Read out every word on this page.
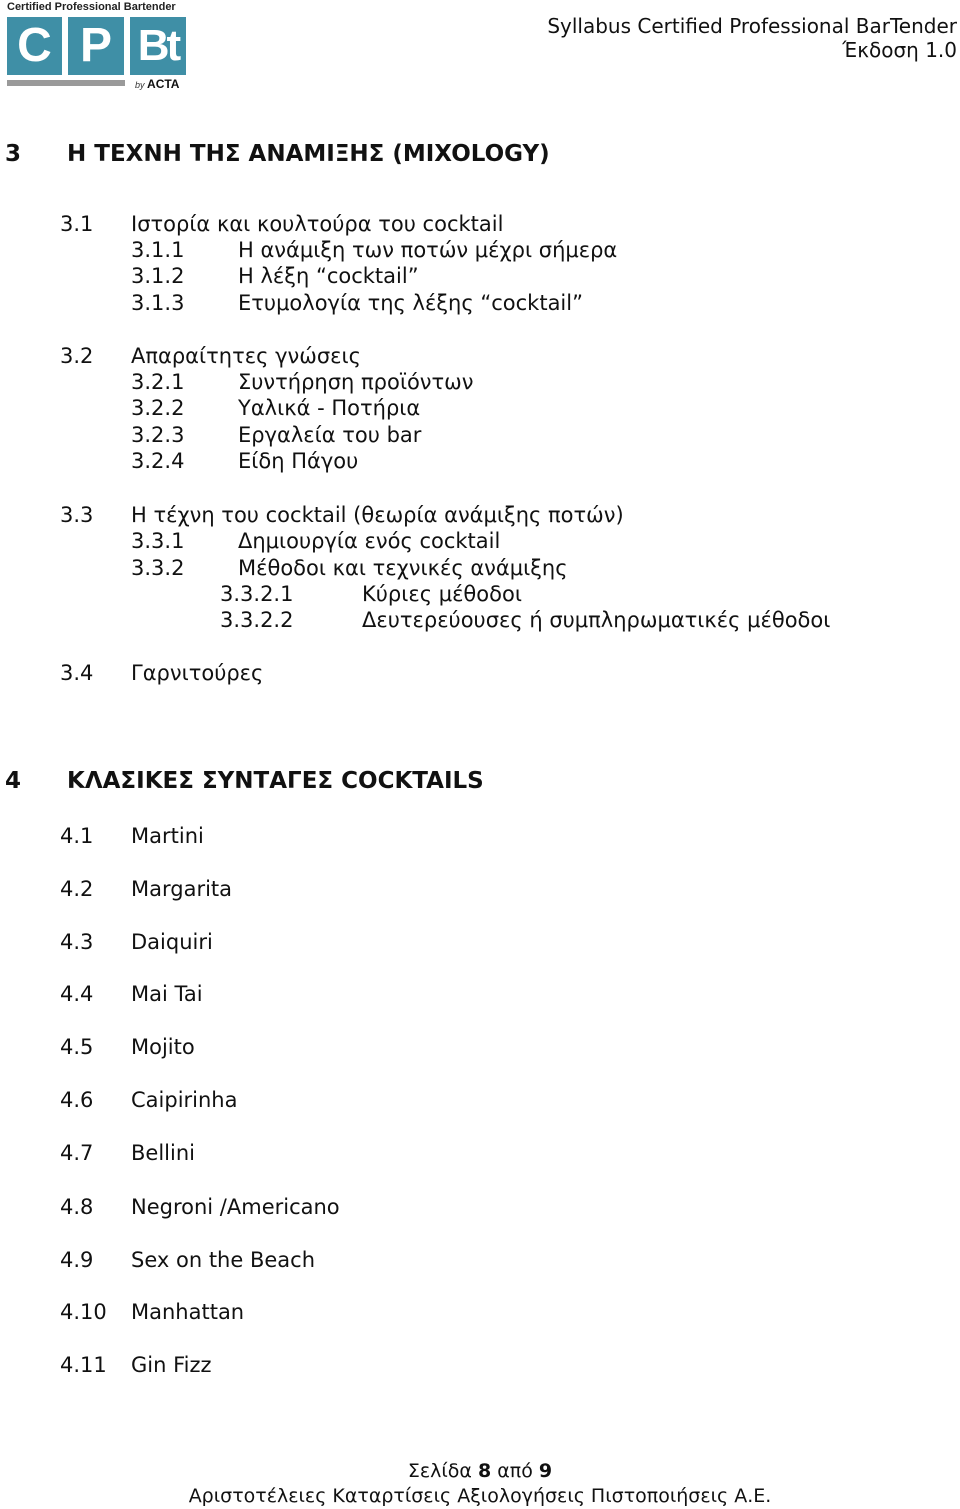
Certified Professional Bartender
C P Bt
by ACTA
Syllabus Certified Professional BarTender
Έκδοση 1.0
3 Η ΤΕΧΝΗ ΤΗΣ ΑΝΑΜΙΞΗΣ (MIXOLOGY)
3.1 Ιστορία και κουλτούρα του cocktail
3.1.1	Η ανάμιξη των ποτών μέχρι σήμερα
3.1.2	Η λέξη “cocktail”
3.1.3	Ετυμολογία της λέξης “cocktail”
3.2 Απαραίτητες γνώσεις
3.2.1	Συντήρηση προϊόντων
3.2.2	Υαλικά - Ποτήρια
3.2.3	Εργαλεία του bar
3.2.4	Είδη Πάγου
3.3 Η τέχνη του cocktail (θεωρία ανάμιξης ποτών)
3.3.1	Δημιουργία ενός cocktail
3.3.2	Μέθοδοι και τεχνικές ανάμιξης
3.3.2.1	Κύριες μέθοδοι
3.3.2.2	Δευτερεύουσες ή συμπληρωματικές μέθοδοι
3.4 Γαρνιτούρες
4 ΚΛΑΣΙΚΕΣ ΣΥΝΤΑΓΕΣ COCKTAILS
4.1 Martini
4.2 Margarita
4.3 Daiquiri
4.4 Mai Tai
4.5 Mojito
4.6 Caipirinha
4.7 Bellini
4.8 Negroni /Americano
4.9 Sex on the Beach
4.10 Manhattan
4.11 Gin Fizz
Σελίδα 8 από 9
Αριστοτέλειες Καταρτίσεις Αξιολογήσεις Πιστοποιήσεις Α.Ε.
